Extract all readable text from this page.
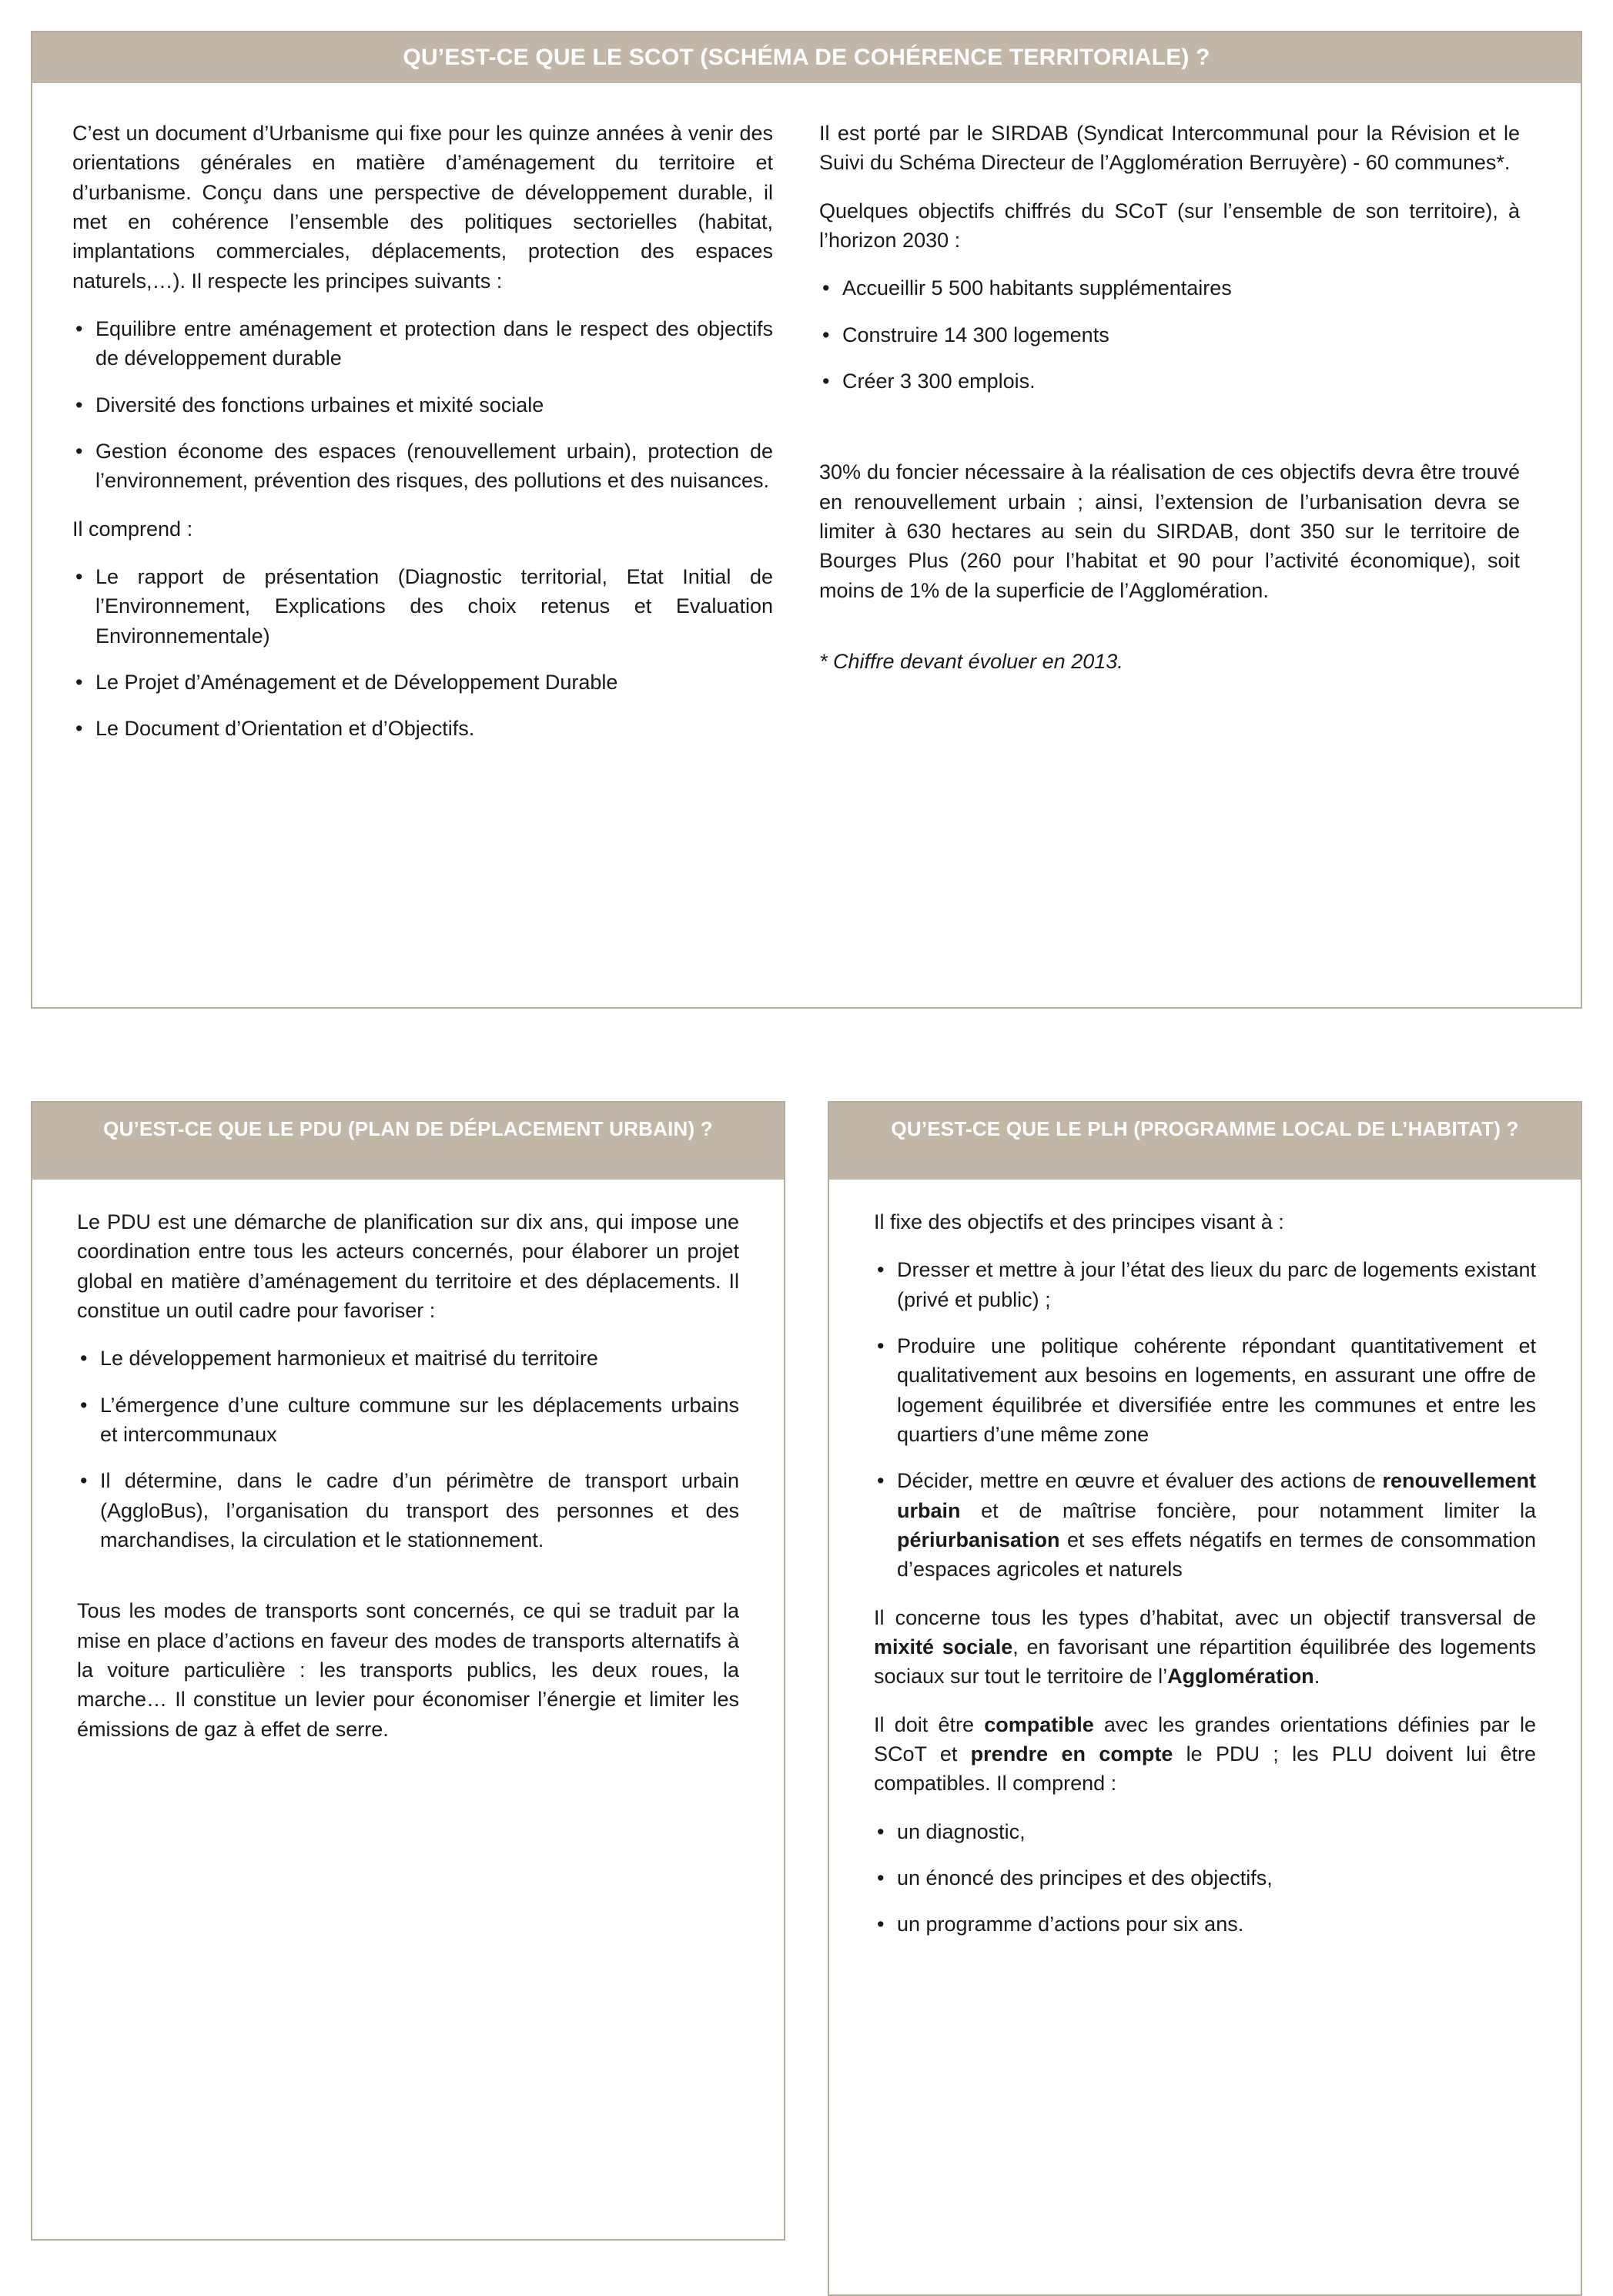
QU’EST-CE QUE LE SCOT (SCHÉMA DE COHÉRENCE TERRITORIALE) ?

C’est un document d’Urbanisme qui fixe pour les quinze années à venir des orientations générales en matière d’aménagement du territoire et d’urbanisme. Conçu dans une perspective de développement durable, il met en cohérence l’ensemble des politiques sectorielles (habitat, implantations commerciales, déplacements, protection des espaces naturels,…). Il respecte les principes suivants :

• Equilibre entre aménagement et protection dans le respect des objectifs de développement durable
• Diversité des fonctions urbaines et mixité sociale
• Gestion économe des espaces (renouvellement urbain), protection de l’environnement, prévention des risques, des pollutions et des nuisances.

Il comprend :

• Le rapport de présentation (Diagnostic territorial, Etat Initial de l’Environnement, Explications des choix retenus et Evaluation Environnementale)
• Le Projet d’Aménagement et de Développement Durable
• Le Document d’Orientation et d’Objectifs.

Il est porté par le SIRDAB (Syndicat Intercommunal pour la Révision et le Suivi du Schéma Directeur de l’Agglomération Berruyère) - 60 communes*.

Quelques objectifs chiffrés du SCoT (sur l’ensemble de son territoire), à l’horizon 2030 :

• Accueillir 5 500 habitants supplémentaires
• Construire 14 300 logements
• Créer 3 300 emplois.

30% du foncier nécessaire à la réalisation de ces objectifs devra être trouvé en renouvellement urbain ; ainsi, l’extension de l’urbanisation devra se limiter à 630 hectares au sein du SIRDAB, dont 350 sur le territoire de Bourges Plus (260 pour l’habitat et 90 pour l’activité économique), soit moins de 1% de la superficie de l’Agglomération.

* Chiffre devant évoluer en 2013.

QU’EST-CE QUE LE PDU (PLAN DE DÉPLACEMENT URBAIN) ?

Le PDU est une démarche de planification sur dix ans, qui impose une coordination entre tous les acteurs concernés, pour élaborer un projet global en matière d’aménagement du territoire et des déplacements. Il constitue un outil cadre pour favoriser :

• Le développement harmonieux et maitrisé du territoire
• L’émergence d’une culture commune sur les déplacements urbains et intercommunaux
• Il détermine, dans le cadre d’un périmètre de transport urbain (AggloBus), l’organisation du transport des personnes et des marchandises, la circulation et le stationnement.

Tous les modes de transports sont concernés, ce qui se traduit par la mise en place d’actions en faveur des modes de transports alternatifs à la voiture particulière : les transports publics, les deux roues, la marche… Il constitue un levier pour économiser l’énergie et limiter les émissions de gaz à effet de serre.

QU’EST-CE QUE LE PLH (PROGRAMME LOCAL DE L’HABITAT) ?

Il fixe des objectifs et des principes visant à :

• Dresser et mettre à jour l’état des lieux du parc de logements existant (privé et public) ;
• Produire une politique cohérente répondant quantitativement et qualitativement aux besoins en logements, en assurant une offre de logement équilibrée et diversifiée entre les communes et entre les quartiers d’une même zone
• Décider, mettre en œuvre et évaluer des actions de renouvellement urbain et de maîtrise foncière, pour notamment limiter la périurbanisation et ses effets négatifs en termes de consommation d’espaces agricoles et naturels

Il concerne tous les types d’habitat, avec un objectif transversal de mixité sociale, en favorisant une répartition équilibrée des logements sociaux sur tout le territoire de l’Agglomération.

Il doit être compatible avec les grandes orientations définies par le SCoT et prendre en compte le PDU ; les PLU doivent lui être compatibles. Il comprend :

• un diagnostic,
• un énoncé des principes et des objectifs,
• un programme d’actions pour six ans.
